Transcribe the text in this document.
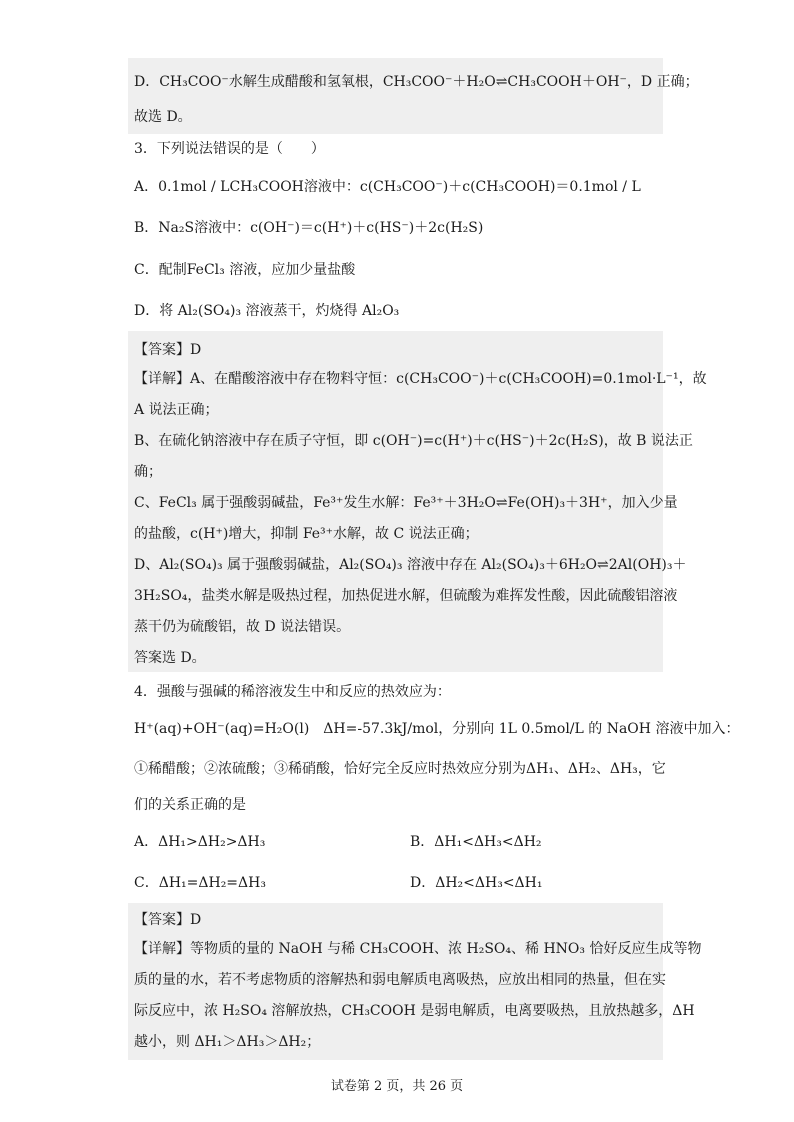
D．CH₃COO⁻水解生成醋酸和氢氧根，CH₃COO⁻＋H₂O⇌CH₃COOH＋OH⁻，D 正确；
故选 D。
3．下列说法错误的是（　　）
A．0.1mol / LCH₃COOH溶液中：c(CH₃COO⁻)＋c(CH₃COOH)＝0.1mol / L
B．Na₂S溶液中：c(OH⁻)＝c(H⁺)＋c(HS⁻)＋2c(H₂S)
C．配制FeCl₃ 溶液，应加少量盐酸
D．将 Al₂(SO₄)₃ 溶液蒸干，灼烧得 Al₂O₃
【答案】D
【详解】A、在醋酸溶液中存在物料守恒：c(CH₃COO⁻)＋c(CH₃COOH)=0.1mol·L⁻¹，故
A 说法正确；
B、在硫化钠溶液中存在质子守恒，即 c(OH⁻)=c(H⁺)＋c(HS⁻)＋2c(H₂S)，故 B 说法正
确；
C、FeCl₃ 属于强酸弱碱盐，Fe³⁺发生水解：Fe³⁺＋3H₂O⇌Fe(OH)₃＋3H⁺，加入少量
的盐酸，c(H⁺)增大，抑制 Fe³⁺水解，故 C 说法正确；
D、Al₂(SO₄)₃ 属于强酸弱碱盐，Al₂(SO₄)₃ 溶液中存在 Al₂(SO₄)₃＋6H₂O⇌2Al(OH)₃＋
3H₂SO₄，盐类水解是吸热过程，加热促进水解，但硫酸为难挥发性酸，因此硫酸铝溶液
蒸干仍为硫酸铝，故 D 说法错误。
答案选 D。
4．强酸与强碱的稀溶液发生中和反应的热效应为：
H⁺(aq)+OH⁻(aq)=H₂O(l)　ΔH=-57.3kJ/mol，分别向 1L 0.5mol/L 的 NaOH 溶液中加入：
①稀醋酸；②浓硫酸；③稀硝酸，恰好完全反应时热效应分别为ΔH₁、ΔH₂、ΔH₃，它
们的关系正确的是
A．ΔH₁>ΔH₂>ΔH₃	B．ΔH₁<ΔH₃<ΔH₂
C．ΔH₁=ΔH₂=ΔH₃	D．ΔH₂<ΔH₃<ΔH₁
【答案】D
【详解】等物质的量的 NaOH 与稀 CH₃COOH、浓 H₂SO₄、稀 HNO₃ 恰好反应生成等物
质的量的水，若不考虑物质的溶解热和弱电解质电离吸热，应放出相同的热量，但在实
际反应中，浓 H₂SO₄ 溶解放热，CH₃COOH 是弱电解质，电离要吸热，且放热越多，ΔH
越小，则 ΔH₁＞ΔH₃＞ΔH₂；
试卷第 2 页，共 26 页
